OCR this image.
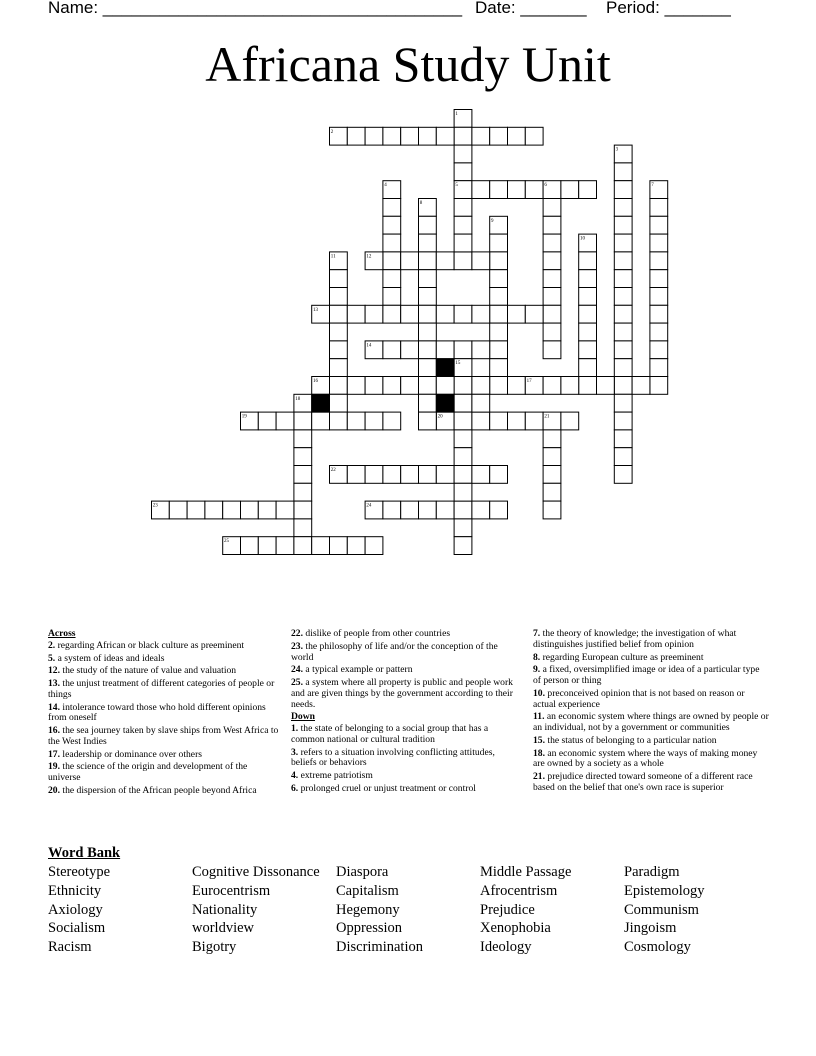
Name: ______________________________________ Date: _______ Period: _______
Africana Study Unit
1
2
3
4	5	6	7
8
9
10
11	12
13
14
15
16	17
18
19	20	21
22
23	24
25
Across
2. regarding African or black culture as preeminent
5. a system of ideas and ideals
12. the study of the nature of value and valuation
13. the unjust treatment of different categories of people or things
14. intolerance toward those who hold different opinions from oneself
16. the sea journey taken by slave ships from West Africa to the West Indies
17. leadership or dominance over others
19. the science of the origin and development of the universe
20. the dispersion of the African people beyond Africa
22. dislike of people from other countries
23. the philosophy of life and/or the conception of the world
24. a typical example or pattern
25. a system where all property is public and people work and are given things by the government according to their needs.
Down
1. the state of belonging to a social group that has a common national or cultural tradition
3. refers to a situation involving conflicting attitudes, beliefs or behaviors
4. extreme patriotism
6. prolonged cruel or unjust treatment or control
7. the theory of knowledge; the investigation of what distinguishes justified belief from opinion
8. regarding European culture as preeminent
9. a fixed, oversimplified image or idea of a particular type of person or thing
10. preconceived opinion that is not based on reason or actual experience
11. an economic system where things are owned by people or an individual, not by a government or communities
15. the status of belonging to a particular nation
18. an economic system where the ways of making money are owned by a society as a whole
21. prejudice directed toward someone of a different race based on the belief that one's own race is superior
Word Bank
Stereotype	Cognitive Dissonance	Diaspora	Middle Passage	Paradigm
Ethnicity	Eurocentrism	Capitalism	Afrocentrism	Epistemology
Axiology	Nationality	Hegemony	Prejudice	Communism
Socialism	worldview	Oppression	Xenophobia	Jingoism
Racism	Bigotry	Discrimination	Ideology	Cosmology
